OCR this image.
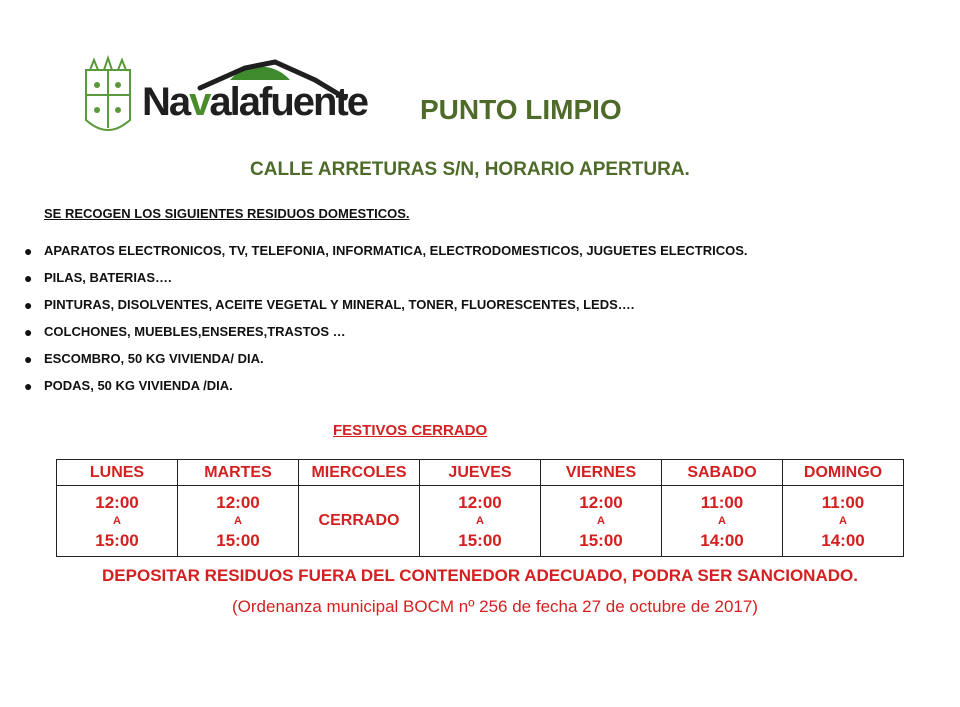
Navalafuente PUNTO LIMPIO
CALLE ARRETURAS S/N, HORARIO APERTURA.
SE RECOGEN LOS SIGUIENTES RESIDUOS DOMESTICOS.
● APARATOS ELECTRONICOS, TV, TELEFONIA, INFORMATICA, ELECTRODOMESTICOS, JUGUETES ELECTRICOS.
● PILAS, BATERIAS….
● PINTURAS, DISOLVENTES, ACEITE VEGETAL Y MINERAL, TONER, FLUORESCENTES, LEDS….
● COLCHONES, MUEBLES,ENSERES,TRASTOS …
● ESCOMBRO, 50 KG VIVIENDA/ DIA.
● PODAS, 50 KG VIVIENDA /DIA.
FESTIVOS CERRADO
LUNES	MARTES	MIERCOLES	JUEVES	VIERNES	SABADO	DOMINGO

12:00
A
15:00	12:00
A
15:00	CERRADO	12:00
A
15:00	12:00
A
15:00	11:00
A
14:00	11:00
A
14:00
DEPOSITAR RESIDUOS FUERA DEL CONTENEDOR ADECUADO, PODRA SER SANCIONADO.
(Ordenanza municipal BOCM nº 256 de fecha 27 de octubre de 2017)
